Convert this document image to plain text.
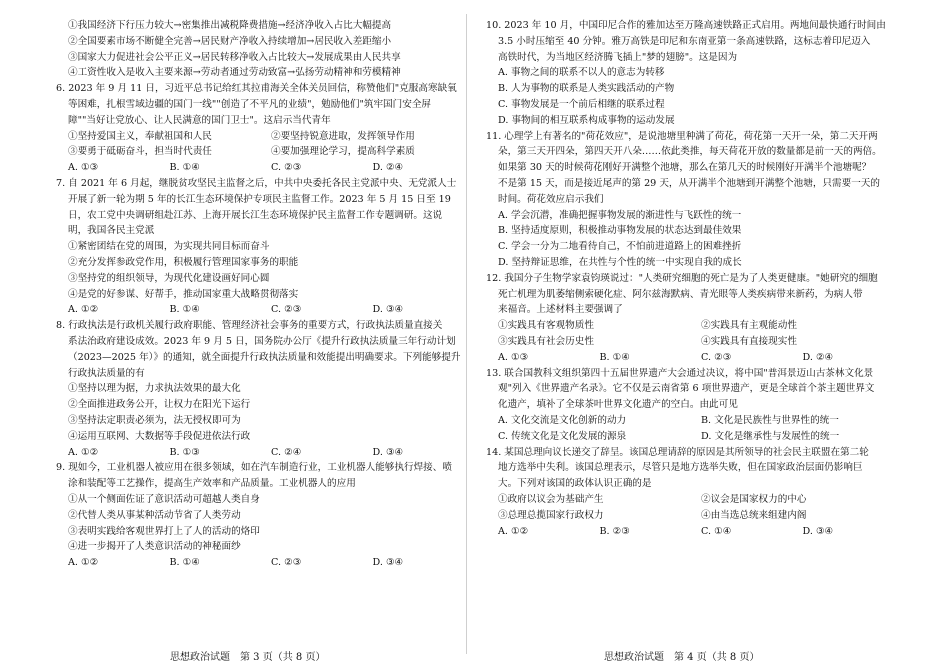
①我国经济下行压力较大→密集推出减税降费措施→经济净收入占比大幅提高
②全国要素市场不断健全完善→居民财产净收入持续增加→居民收入差距缩小
③国家大力促进社会公平正义→居民转移净收入占比较大→发展成果由人民共享
④工资性收入是收入主要来源→劳动者通过劳动致富→弘扬劳动精神和劳模精神
6. 2023 年 9 月 11 日，习近平总书记给红其拉甫海关全体关员回信，称赞他们"克服高寒缺氧
等困难，扎根雪域边疆的国门一线""创造了不平凡的业绩"，勉励他们"筑牢国门安全屏
障""当好让党放心、让人民满意的国门卫士"。这启示当代青年
①坚持爱国主义，奉献祖国和人民	②要坚持锐意进取，发挥领导作用
③要勇于砥砺奋斗，担当时代责任	④要加强理论学习，提高科学素质
A. ①③	B. ①④	C. ②③	D. ②④
7. 自 2021 年 6 月起，继脱贫攻坚民主监督之后，中共中央委托各民主党派中央、无党派人士
开展了新一轮为期 5 年的长江生态环境保护专项民主监督工作。2023 年 5 月 15 日至 19
日，农工党中央调研组赴江苏、上海开展长江生态环境保护民主监督工作专题调研。这说
明，我国各民主党派
①紧密团结在党的周围，为实现共同目标而奋斗
②充分发挥参政党作用，积极履行管理国家事务的职能
③坚持党的组织领导，为现代化建设画好同心圆
④是党的好参谋、好帮手，推动国家重大战略贯彻落实
A. ①②	B. ①④	C. ②③	D. ③④
8. 行政执法是行政机关履行政府职能、管理经济社会事务的重要方式，行政执法质量直接关
系法治政府建设成效。2023 年 9 月 5 日，国务院办公厅《提升行政执法质量三年行动计划
（2023—2025 年）》的通知，就全面提升行政执法质量和效能提出明确要求。下列能够提升
行政执法质量的有
①坚持以理为据，力求执法效果的最大化
②全面推进政务公开，让权力在阳光下运行
③坚持法定职责必须为，法无授权即可为
④运用互联网、大数据等手段促进依法行政
A. ①②	B. ①③	C. ②④	D. ③④
9. 现如今，工业机器人被应用在很多领域，如在汽车制造行业，工业机器人能够执行焊接、喷
涂和装配等工艺操作，提高生产效率和产品质量。工业机器人的应用
①从一个侧面佐证了意识活动可超越人类自身
②代替人类从事某种活动节省了人类劳动
③表明实践给客观世界打上了人的活动的烙印
④进一步揭开了人类意识活动的神秘面纱
A. ①②	B. ①④	C. ②③	D. ③④
思想政治试题　第 3 页（共 8 页）
10. 2023 年 10 月，中国印尼合作的雅加达至万隆高速铁路正式启用。两地间最快通行时间由
3.5 小时压缩至 40 分钟。雅万高铁是印尼和东南亚第一条高速铁路，这标志着印尼迈入
高铁时代，为当地区经济腾飞插上"梦的翅膀"。这是因为
A. 事物之间的联系不以人的意志为转移
B. 人为事物的联系是人类实践活动的产物
C. 事物发展是一个前后相继的联系过程
D. 事物间的相互联系构成事物的运动发展
11. 心理学上有著名的"荷花效应"，是说池塘里种满了荷花，荷花第一天开一朵，第二天开两
朵，第三天开四朵，第四天开八朵……依此类推，每天荷花开放的数量都是前一天的两倍。
如果第 30 天的时候荷花刚好开满整个池塘，那么在第几天的时候刚好开满半个池塘呢？
不是第 15 天，而是接近尾声的第 29 天，从开满半个池塘到开满整个池塘，只需要一天的
时间。荷花效应启示我们
A. 学会沉潜，准确把握事物发展的渐进性与飞跃性的统一
B. 坚持适度原则，积极推动事物发展的状态达到最佳效果
C. 学会一分为二地看待自己，不怕前进道路上的困难挫折
D. 坚持辩证思维，在共性与个性的统一中实现自我的成长
12. 我国分子生物学家袁钧瑛说过："人类研究细胞的死亡是为了人类更健康。"她研究的细胞
死亡机理为肌萎缩侧索硬化症、阿尔兹海默病、青光眼等人类疾病带来新药，为病人带
来福音。上述材料主要强调了
①实践具有客观物质性	②实践具有主观能动性
③实践具有社会历史性	④实践具有直接现实性
A. ①③	B. ①④	C. ②③	D. ②④
13. 联合国教科文组织第四十五届世界遗产大会通过决议，将中国"普洱景迈山古茶林文化景
观"列入《世界遗产名录》。它不仅是云南省第 6 项世界遗产，更是全球首个茶主题世界文
化遗产，填补了全球茶叶世界文化遗产的空白。由此可见
A. 文化交流是文化创新的动力	B. 文化是民族性与世界性的统一
C. 传统文化是文化发展的源泉	D. 文化是继承性与发展性的统一
14. 某国总理向议长递交了辞呈。该国总理请辞的原因是其所领导的社会民主联盟在第二轮
地方选举中失利。该国总理表示，尽管只是地方选举失败，但在国家政治层面仍影响巨
大。下列对该国的政体认识正确的是
①政府以议会为基础产生	②议会是国家权力的中心
③总理总揽国家行政权力	④由当选总统来组建内阁
A. ①②	B. ②③	C. ①④	D. ③④
思想政治试题　第 4 页（共 8 页）
